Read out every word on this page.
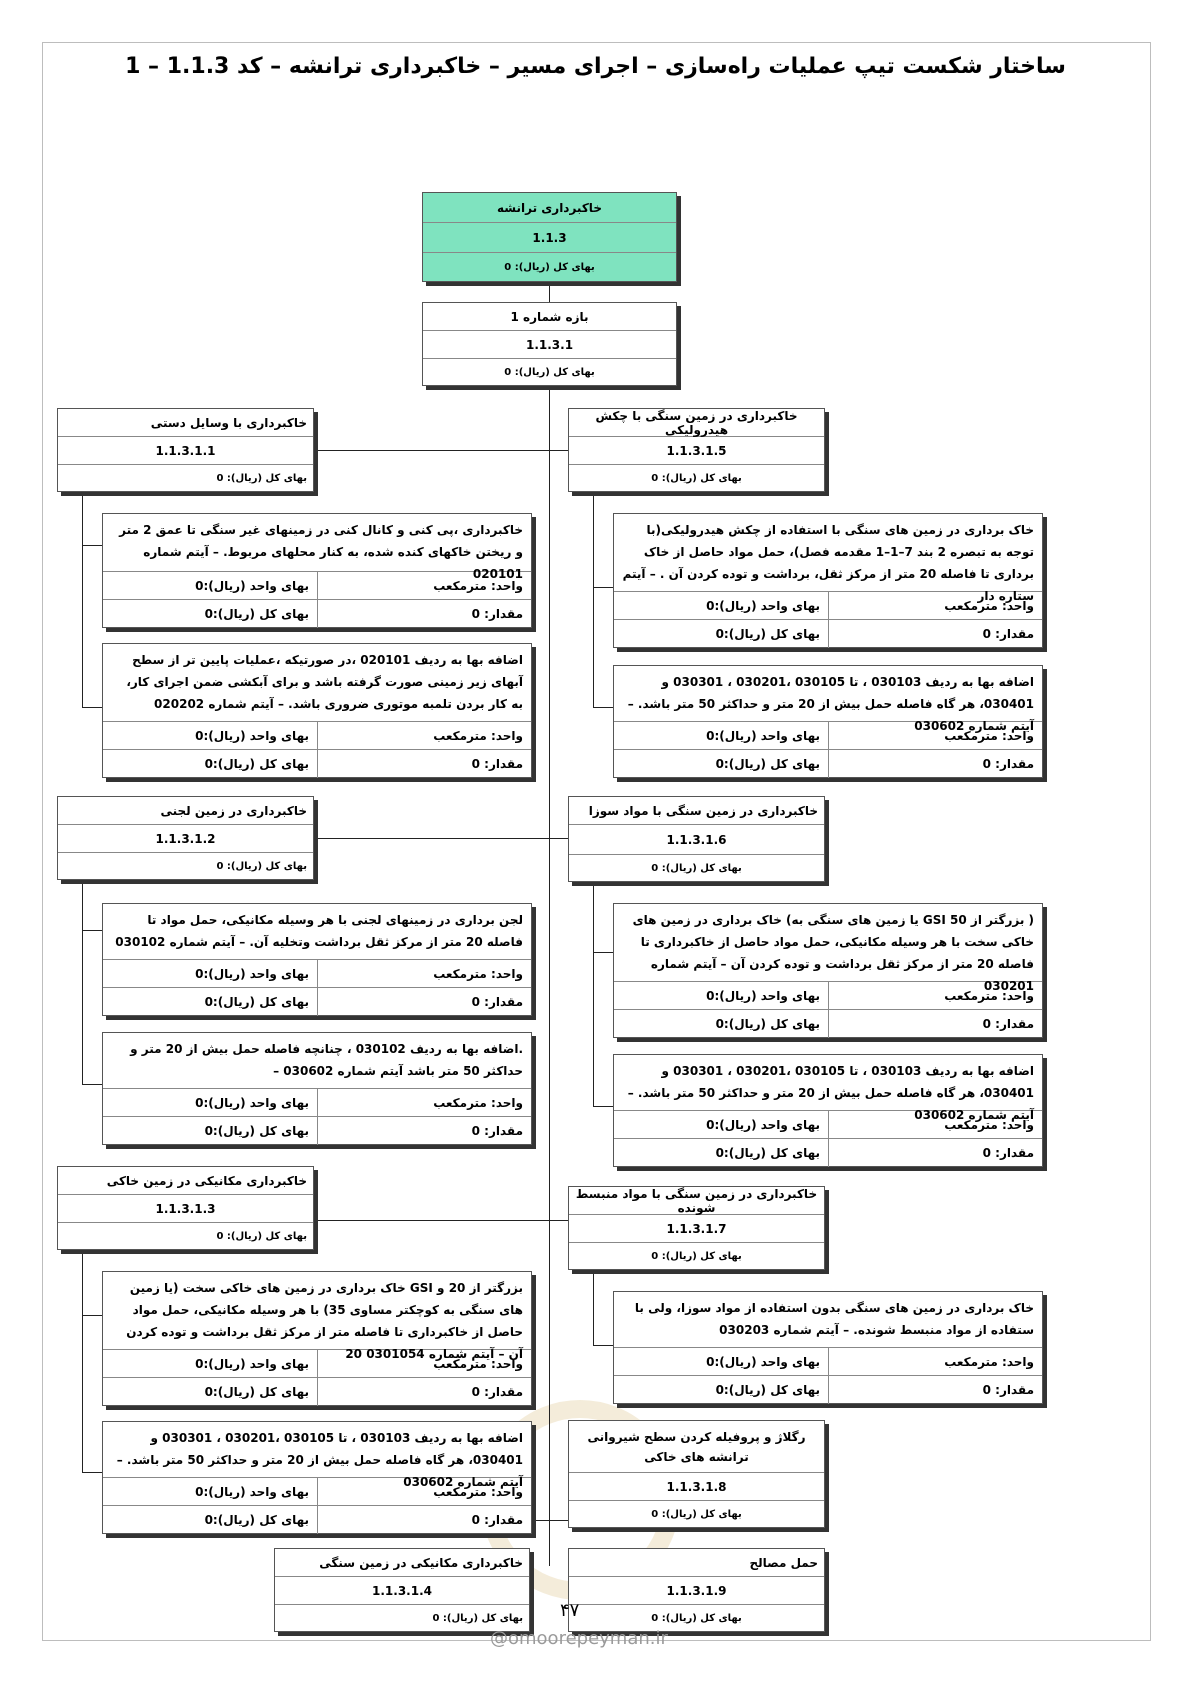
ساختار شکست تیپ عملیات راه‌سازی – اجرای مسیر – خاکبرداری ترانشه – کد 1.1.3 – 1
خاکبرداری ترانشه
1.1.3
بهای کل (ریال): 0
بازه شماره 1
1.1.3.1
بهای کل (ریال): 0
خاکبرداری با وسایل دستی
1.1.3.1.1
بهای کل (ریال): 0
خاکبرداری ،پی کنی و کانال کنی در زمینهای غیر سنگی تا عمق 2 متر و ریختن خاکهای کنده شده، به کنار محلهای مربوط. – آیتم شماره 020101
واحد: مترمکعب
بهای واحد (ریال):0
مقدار: 0
بهای کل (ریال):0
اضافه بها به ردیف 020101 ،در صورتیکه ،عملیات پایین تر از سطح آبهای زیر زمینی صورت گرفته باشد و برای آبکشی ضمن اجرای کار، به کار بردن تلمبه موتوری ضروری باشد. – آیتم شماره 020202
واحد: مترمکعب
بهای واحد (ریال):0
مقدار: 0
بهای کل (ریال):0
خاکبرداری در زمین لجنی
1.1.3.1.2
بهای کل (ریال): 0
لجن برداری در زمینهای لجنی با هر وسیله مکانیکی، حمل مواد تا فاصله 20 متر از مرکز ثقل برداشت وتخلیه آن. – آیتم شماره 030102
واحد: مترمکعب
بهای واحد (ریال):0
مقدار: 0
بهای کل (ریال):0
.اضافه بها به ردیف 030102 ، چنانچه فاصله حمل بیش از 20 متر و حداکثر 50 متر باشد آیتم شماره 030602 –
واحد: مترمکعب
بهای واحد (ریال):0
مقدار: 0
بهای کل (ریال):0
خاکبرداری مکانیکی در زمین خاکی
1.1.3.1.3
بهای کل (ریال): 0
بزرگتر از 20 و GSI خاک برداری در زمین های خاکی سخت (یا زمین های سنگی به کوچکتر مساوی 35) با هر وسیله مکانیکی، حمل مواد حاصل از خاکبرداری تا فاصله متر از مرکز ثقل برداشت و توده کردن آن – آیتم شماره 0301054 20
واحد: مترمکعب
بهای واحد (ریال):0
مقدار: 0
بهای کل (ریال):0
اضافه بها به ردیف 030103 ، تا 030105 ،030201 ، 030301 و 030401، هر گاه فاصله حمل بیش از 20 متر و حداکثر 50 متر باشد. – آیتم شماره 030602
واحد: مترمکعب
بهای واحد (ریال):0
مقدار: 0
بهای کل (ریال):0
خاکبرداری مکانیکی در زمین سنگی
1.1.3.1.4
بهای کل (ریال): 0
خاکبرداری در زمین سنگی با چکش هیدرولیکی
1.1.3.1.5
بهای کل (ریال): 0
خاک برداری در زمین های سنگی با استفاده از چکش هیدرولیکی(با توجه به تبصره 2 بند 7–1–1 مقدمه فصل)، حمل مواد حاصل از خاک برداری تا فاصله 20 متر از مرکز ثقل، برداشت و توده کردن آن . – آیتم ستاره دار
واحد: مترمکعب
بهای واحد (ریال):0
مقدار: 0
بهای کل (ریال):0
اضافه بها به ردیف 030103 ، تا 030105 ،030201 ، 030301 و 030401، هر گاه فاصله حمل بیش از 20 متر و حداکثر 50 متر باشد. – آیتم شماره 030602
واحد: مترمکعب
بهای واحد (ریال):0
مقدار: 0
بهای کل (ریال):0
خاکبرداری در زمین سنگی با مواد سوزا
1.1.3.1.6
بهای کل (ریال): 0
( بزرگتر از GSI 50 یا زمین های سنگی به) خاک برداری در زمین های خاکی سخت با هر وسیله مکانیکی، حمل مواد حاصل از خاکبرداری تا فاصله 20 متر از مرکز ثقل برداشت و توده کردن آن – آیتم شماره 030201
واحد: مترمکعب
بهای واحد (ریال):0
مقدار: 0
بهای کل (ریال):0
اضافه بها به ردیف 030103 ، تا 030105 ،030201 ، 030301 و 030401، هر گاه فاصله حمل بیش از 20 متر و حداکثر 50 متر باشد. – آیتم شماره 030602
واحد: مترمکعب
بهای واحد (ریال):0
مقدار: 0
بهای کل (ریال):0
خاکبرداری در زمین سنگی با مواد منبسط شونده
1.1.3.1.7
بهای کل (ریال): 0
خاک برداری در زمین های سنگی بدون استفاده از مواد سوزا، ولی با ستفاده از مواد منبسط شونده. – آیتم شماره 030203
واحد: مترمکعب
بهای واحد (ریال):0
مقدار: 0
بهای کل (ریال):0
رگلاژ و پروفیله کردن سطح شیروانی ترانشه های خاکی
1.1.3.1.8
بهای کل (ریال): 0
حمل مصالح
1.1.3.1.9
بهای کل (ریال): 0
۴۷
@omoorepeyman.ir
